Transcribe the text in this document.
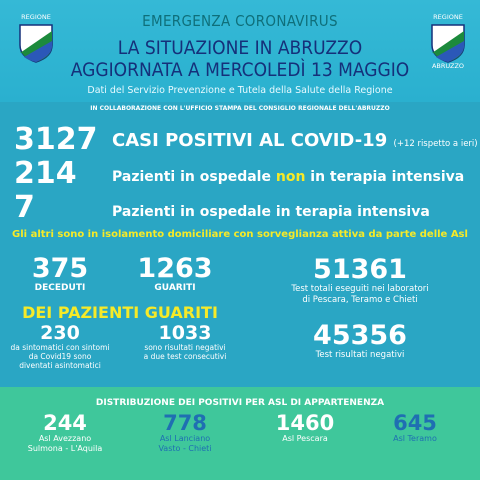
REGIONE	REGIONE
ABRUZZO
EMERGENZA CORONAVIRUS
LA SITUAZIONE IN ABRUZZO
AGGIORNATA A MERCOLEDÌ 13 MAGGIO
Dati del Servizio Prevenzione e Tutela della Salute della Regione
IN COLLABORAZIONE CON L'UFFICIO STAMPA DEL CONSIGLIO REGIONALE DELL'ABRUZZO
3127 CASI POSITIVI AL COVID-19 (+12 rispetto a ieri)
214	Pazienti in ospedale non in terapia intensiva
7	Pazienti in ospedale in terapia intensiva
Gli altri sono in isolamento domiciliare con sorveglianza attiva da parte delle Asl
375
DECEDUTI
1263
GUARITI
DEI PAZIENTI GUARITI
230
da sintomatici con sintomi
da Covid19 sono
diventati asintomatici
1033
sono risultati negativi
a due test consecutivi
51361
Test totali eseguiti nei laboratori
di Pescara, Teramo e Chieti
45356
Test risultati negativi
DISTRIBUZIONE DEI POSITIVI PER ASL DI APPARTENENZA
244
Asl Avezzano
Sulmona - L'Aquila
778
Asl Lanciano
Vasto - Chieti
1460
Asl Pescara
645
Asl Teramo
